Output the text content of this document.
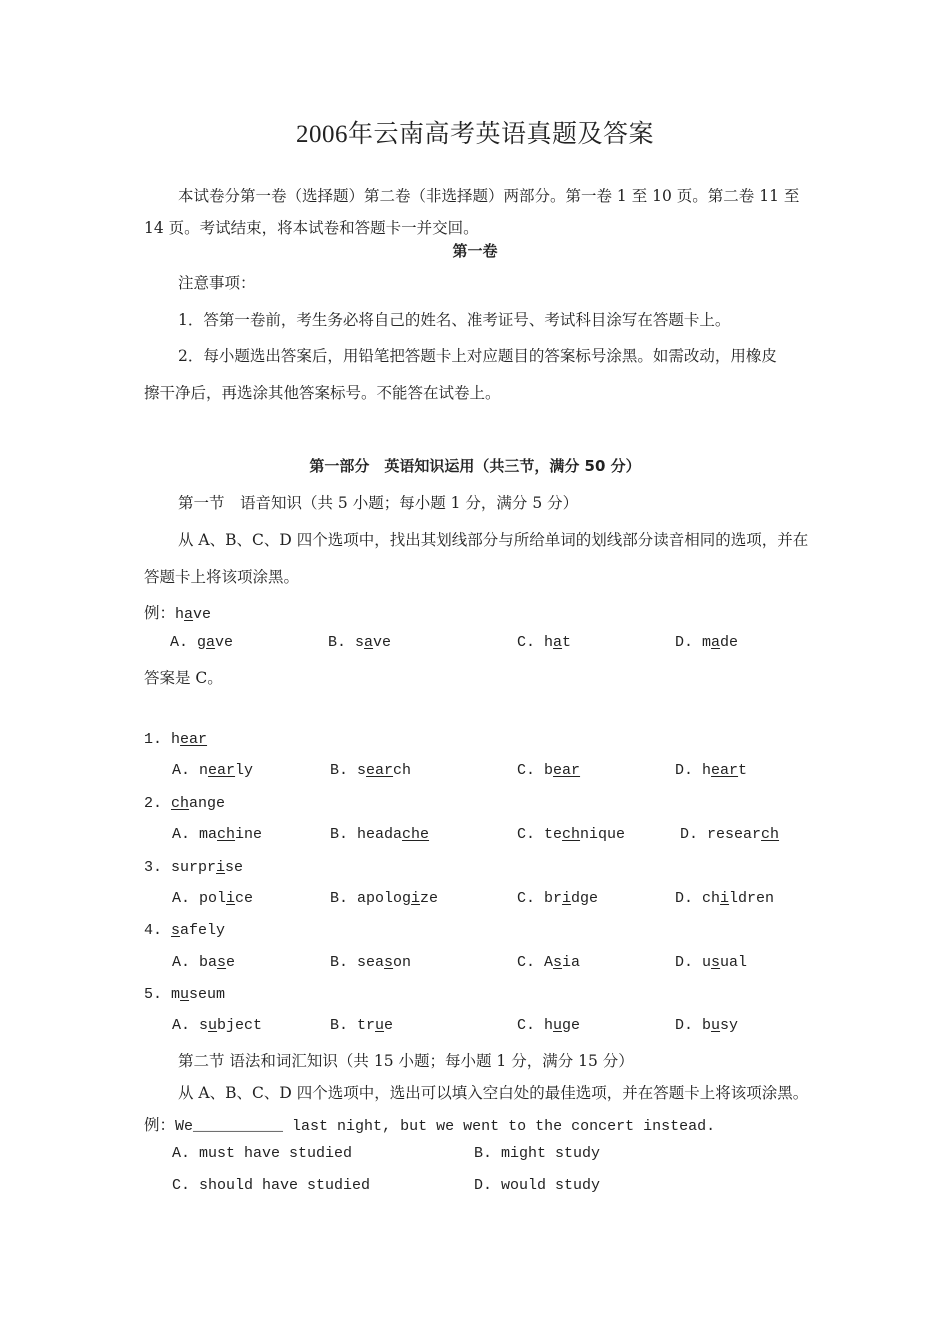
2006年云南高考英语真题及答案
本试卷分第一卷（选择题）第二卷（非选择题）两部分。第一卷 1 至 10 页。第二卷 11 至
14 页。考试结束，将本试卷和答题卡一并交回。
第一卷
注意事项：
1．答第一卷前，考生务必将自己的姓名、准考证号、考试科目涂写在答题卡上。
2．每小题选出答案后，用铅笔把答题卡上对应题目的答案标号涂黑。如需改动，用橡皮
擦干净后，再选涂其他答案标号。不能答在试卷上。
第一部分　英语知识运用（共三节，满分 50 分）
第一节　语音知识（共 5 小题；每小题 1 分，满分 5 分）
从 A、B、C、D 四个选项中，找出其划线部分与所给单词的划线部分读音相同的选项，并在
答题卡上将该项涂黑。
例：have
A. gave	B. save	C. hat	D. made
答案是 C。
1. hear
A. nearly	B. search	C. bear	D. heart
2. change
A. machine	B. headache	C. technique	D. research
3. surprise
A. police	B. apologize	C. bridge	D. children
4. safely
A. base	B. season	C. Asia	D. usual
5. museum
A. subject	B. true	C. huge	D. busy
第二节 语法和词汇知识（共 15 小题；每小题 1 分，满分 15 分）
从 A、B、C、D 四个选项中，选出可以填入空白处的最佳选项，并在答题卡上将该项涂黑。
例：We__________ last night, but we went to the concert instead.
A. must have studied	B. might study
C. should have studied	D. would study
